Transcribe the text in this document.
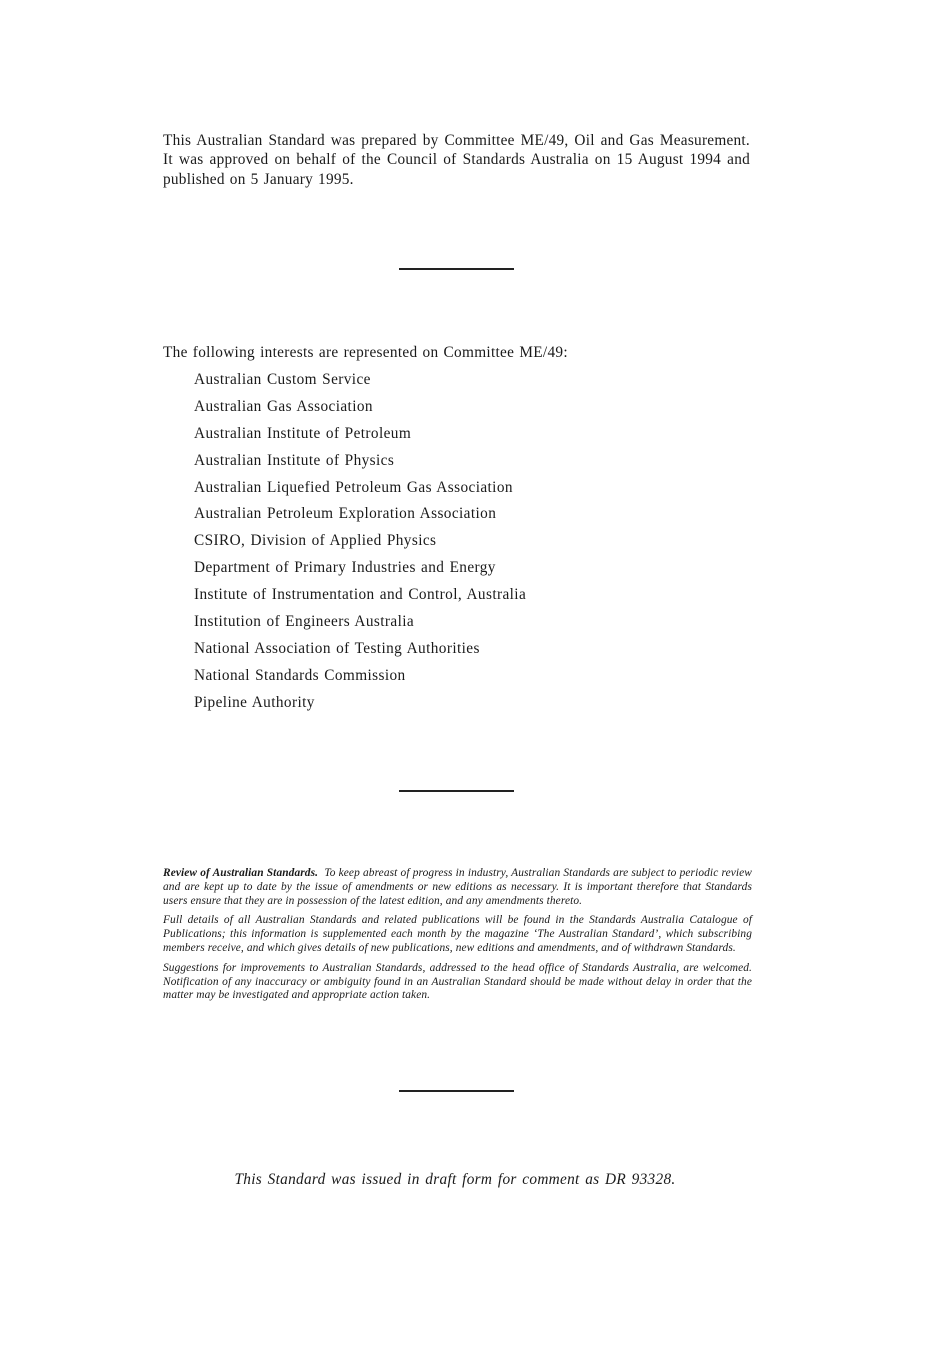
This Australian Standard was prepared by Committee ME/49, Oil and Gas Measurement. It was approved on behalf of the Council of Standards Australia on 15 August 1994 and published on 5 January 1995.
The following interests are represented on Committee ME/49:
Australian Custom Service
Australian Gas Association
Australian Institute of Petroleum
Australian Institute of Physics
Australian Liquefied Petroleum Gas Association
Australian Petroleum Exploration Association
CSIRO, Division of Applied Physics
Department of Primary Industries and Energy
Institute of Instrumentation and Control, Australia
Institution of Engineers Australia
National Association of Testing Authorities
National Standards Commission
Pipeline Authority

Review of Australian Standards. To keep abreast of progress in industry, Australian Standards are subject to periodic review and are kept up to date by the issue of amendments or new editions as necessary. It is important therefore that Standards users ensure that they are in possession of the latest edition, and any amendments thereto.

Full details of all Australian Standards and related publications will be found in the Standards Australia Catalogue of Publications; this information is supplemented each month by the magazine ‘The Australian Standard’, which subscribing members receive, and which gives details of new publications, new editions and amendments, and of withdrawn Standards.

Suggestions for improvements to Australian Standards, addressed to the head office of Standards Australia, are welcomed. Notification of any inaccuracy or ambiguity found in an Australian Standard should be made without delay in order that the matter may be investigated and appropriate action taken.

This Standard was issued in draft form for comment as DR 93328.
